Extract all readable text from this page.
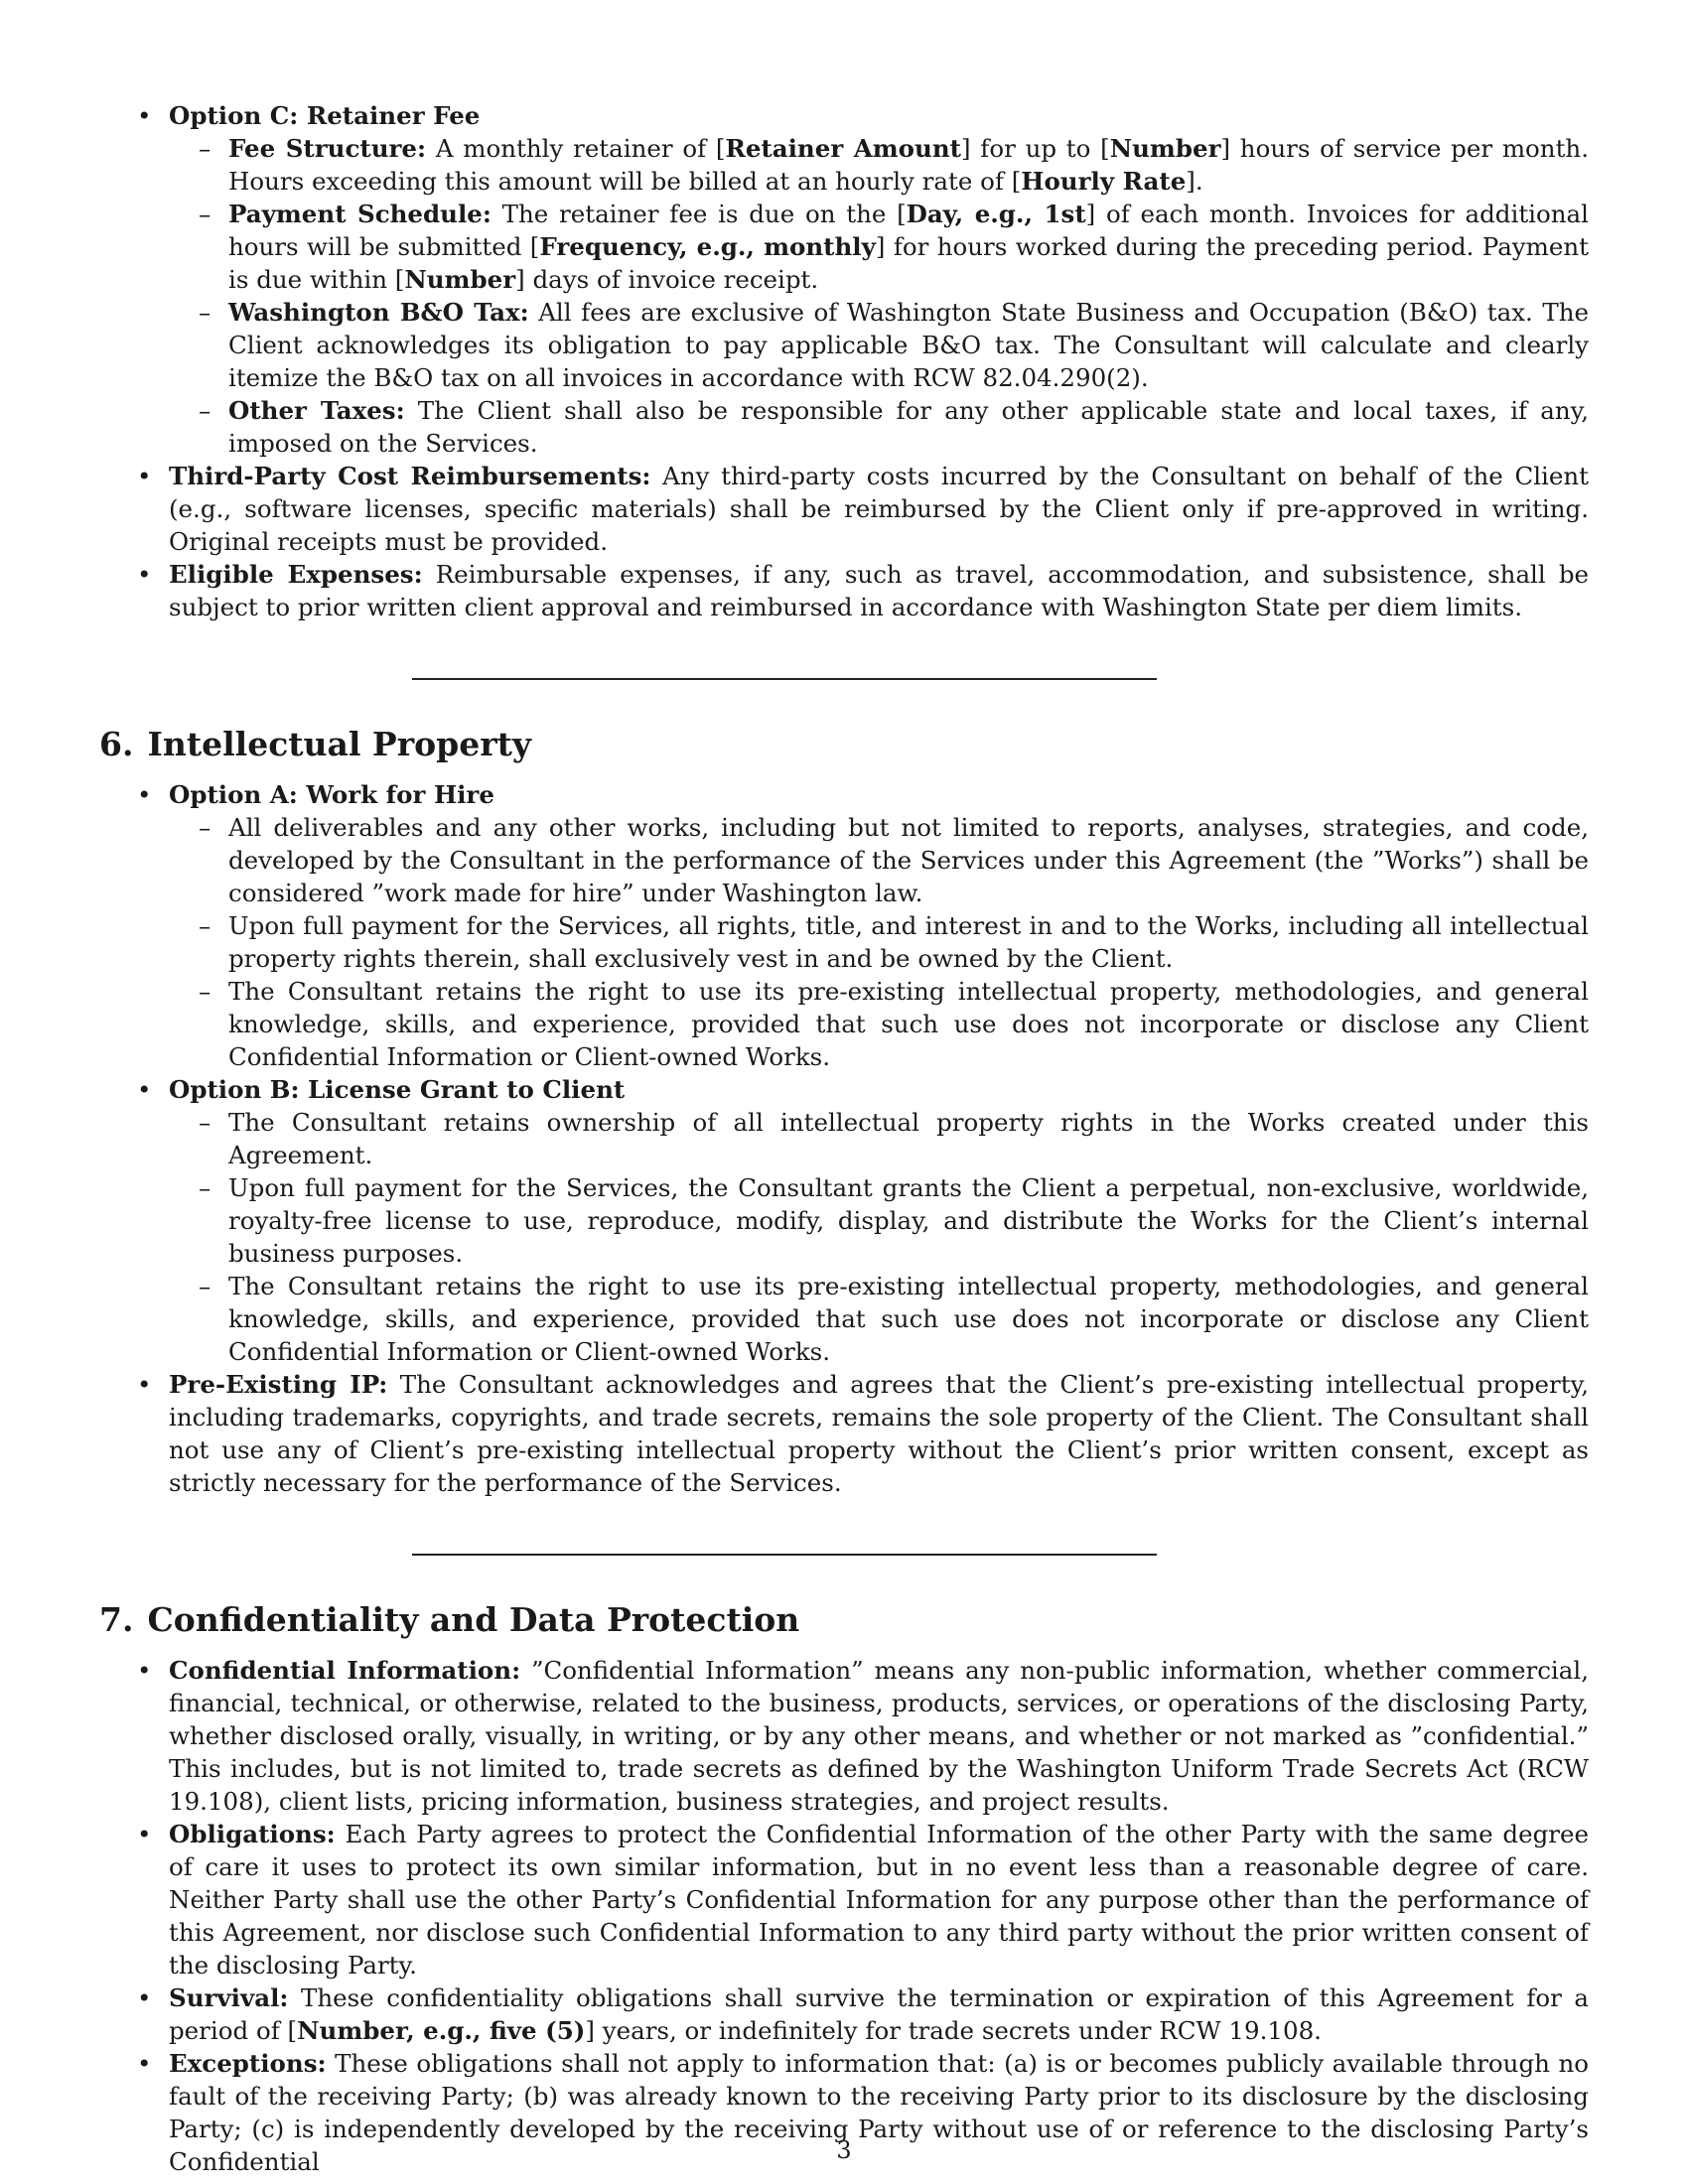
• Option C: Retainer Fee
– Fee Structure: A monthly retainer of [Retainer Amount] for up to [Number] hours of service per month. Hours exceeding this amount will be billed at an hourly rate of [Hourly Rate].
– Payment Schedule: The retainer fee is due on the [Day, e.g., 1st] of each month. Invoices for additional hours will be submitted [Frequency, e.g., monthly] for hours worked during the preceding period. Payment is due within [Number] days of invoice receipt.
– Washington B&O Tax: All fees are exclusive of Washington State Business and Occupation (B&O) tax. The Client acknowledges its obligation to pay applicable B&O tax. The Consultant will calculate and clearly itemize the B&O tax on all invoices in accordance with RCW 82.04.290(2).
– Other Taxes: The Client shall also be responsible for any other applicable state and local taxes, if any, imposed on the Services.
• Third-Party Cost Reimbursements: Any third-party costs incurred by the Consultant on behalf of the Client (e.g., software licenses, specific materials) shall be reimbursed by the Client only if pre-approved in writing. Original receipts must be provided.
• Eligible Expenses: Reimbursable expenses, if any, such as travel, accommodation, and subsistence, shall be subject to prior written client approval and reimbursed in accordance with Washington State per diem limits.
6. Intellectual Property
• Option A: Work for Hire
– All deliverables and any other works, including but not limited to reports, analyses, strategies, and code, developed by the Consultant in the performance of the Services under this Agreement (the ”Works”) shall be considered ”work made for hire” under Washington law.
– Upon full payment for the Services, all rights, title, and interest in and to the Works, including all intellectual property rights therein, shall exclusively vest in and be owned by the Client.
– The Consultant retains the right to use its pre-existing intellectual property, methodologies, and general knowledge, skills, and experience, provided that such use does not incorporate or disclose any Client Confidential Information or Client-owned Works.
• Option B: License Grant to Client
– The Consultant retains ownership of all intellectual property rights in the Works created under this Agreement.
– Upon full payment for the Services, the Consultant grants the Client a perpetual, non-exclusive, worldwide, royalty-free license to use, reproduce, modify, display, and distribute the Works for the Client’s internal business purposes.
– The Consultant retains the right to use its pre-existing intellectual property, methodologies, and general knowledge, skills, and experience, provided that such use does not incorporate or disclose any Client Confidential Information or Client-owned Works.
• Pre-Existing IP: The Consultant acknowledges and agrees that the Client’s pre-existing intellectual property, including trademarks, copyrights, and trade secrets, remains the sole property of the Client. The Consultant shall not use any of Client’s pre-existing intellectual property without the Client’s prior written consent, except as strictly necessary for the performance of the Services.
7. Confidentiality and Data Protection
• Confidential Information: ”Confidential Information” means any non-public information, whether commercial, financial, technical, or otherwise, related to the business, products, services, or operations of the disclosing Party, whether disclosed orally, visually, in writing, or by any other means, and whether or not marked as ”confidential.” This includes, but is not limited to, trade secrets as defined by the Washington Uniform Trade Secrets Act (RCW 19.108), client lists, pricing information, business strategies, and project results.
• Obligations: Each Party agrees to protect the Confidential Information of the other Party with the same degree of care it uses to protect its own similar information, but in no event less than a reasonable degree of care. Neither Party shall use the other Party’s Confidential Information for any purpose other than the performance of this Agreement, nor disclose such Confidential Information to any third party without the prior written consent of the disclosing Party.
• Survival: These confidentiality obligations shall survive the termination or expiration of this Agreement for a period of [Number, e.g., five (5)] years, or indefinitely for trade secrets under RCW 19.108.
• Exceptions: These obligations shall not apply to information that: (a) is or becomes publicly available through no fault of the receiving Party; (b) was already known to the receiving Party prior to its disclosure by the disclosing Party; (c) is independently developed by the receiving Party without use of or reference to the disclosing Party’s Confidential	3
